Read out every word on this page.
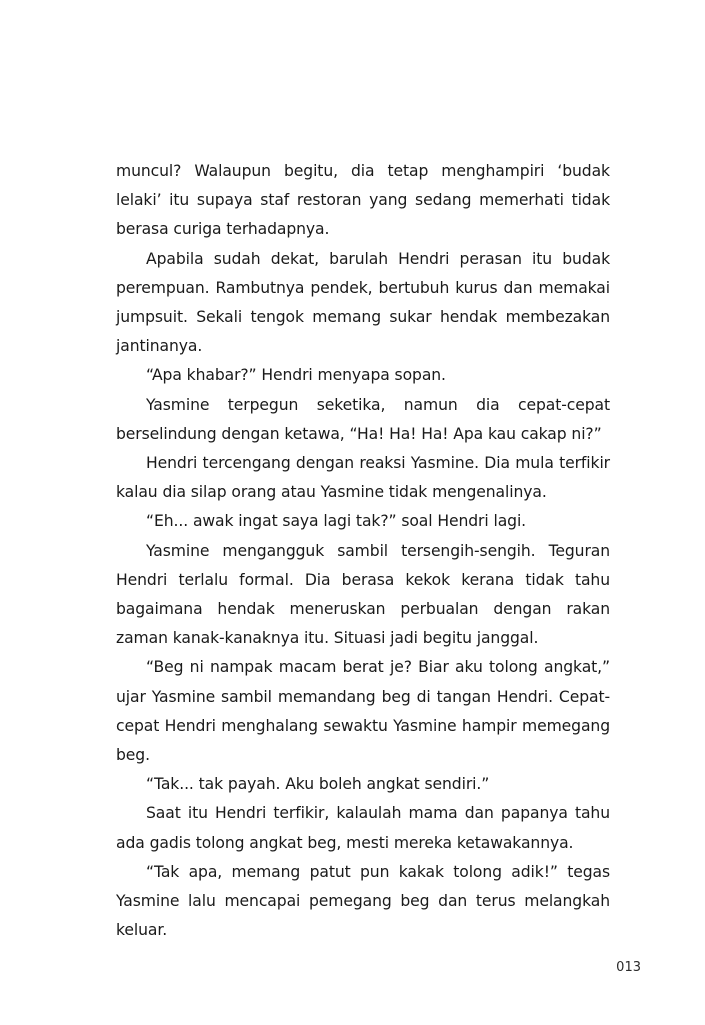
muncul? Walaupun begitu, dia tetap menghampiri ‘budak lelaki’ itu supaya staf restoran yang sedang memerhati tidak berasa curiga terhadapnya.

Apabila sudah dekat, barulah Hendri perasan itu budak perempuan. Rambutnya pendek, bertubuh kurus dan memakai jumpsuit. Sekali tengok memang sukar hendak membezakan jantinanya.

“Apa khabar?” Hendri menyapa sopan.

Yasmine terpegun seketika, namun dia cepat-cepat berselindung dengan ketawa, “Ha! Ha! Ha! Apa kau cakap ni?”

Hendri tercengang dengan reaksi Yasmine. Dia mula terfikir kalau dia silap orang atau Yasmine tidak mengenalinya.

“Eh... awak ingat saya lagi tak?” soal Hendri lagi.

Yasmine mengangguk sambil tersengih-sengih. Teguran Hendri terlalu formal. Dia berasa kekok kerana tidak tahu bagaimana hendak meneruskan perbualan dengan rakan zaman kanak-kanaknya itu. Situasi jadi begitu janggal.

“Beg ni nampak macam berat je? Biar aku tolong angkat,” ujar Yasmine sambil memandang beg di tangan Hendri. Cepat-cepat Hendri menghalang sewaktu Yasmine hampir memegang beg.

“Tak... tak payah. Aku boleh angkat sendiri.”

Saat itu Hendri terfikir, kalaulah mama dan papanya tahu ada gadis tolong angkat beg, mesti mereka ketawakannya.

“Tak apa, memang patut pun kakak tolong adik!” tegas Yasmine lalu mencapai pemegang beg dan terus melangkah keluar.

013
